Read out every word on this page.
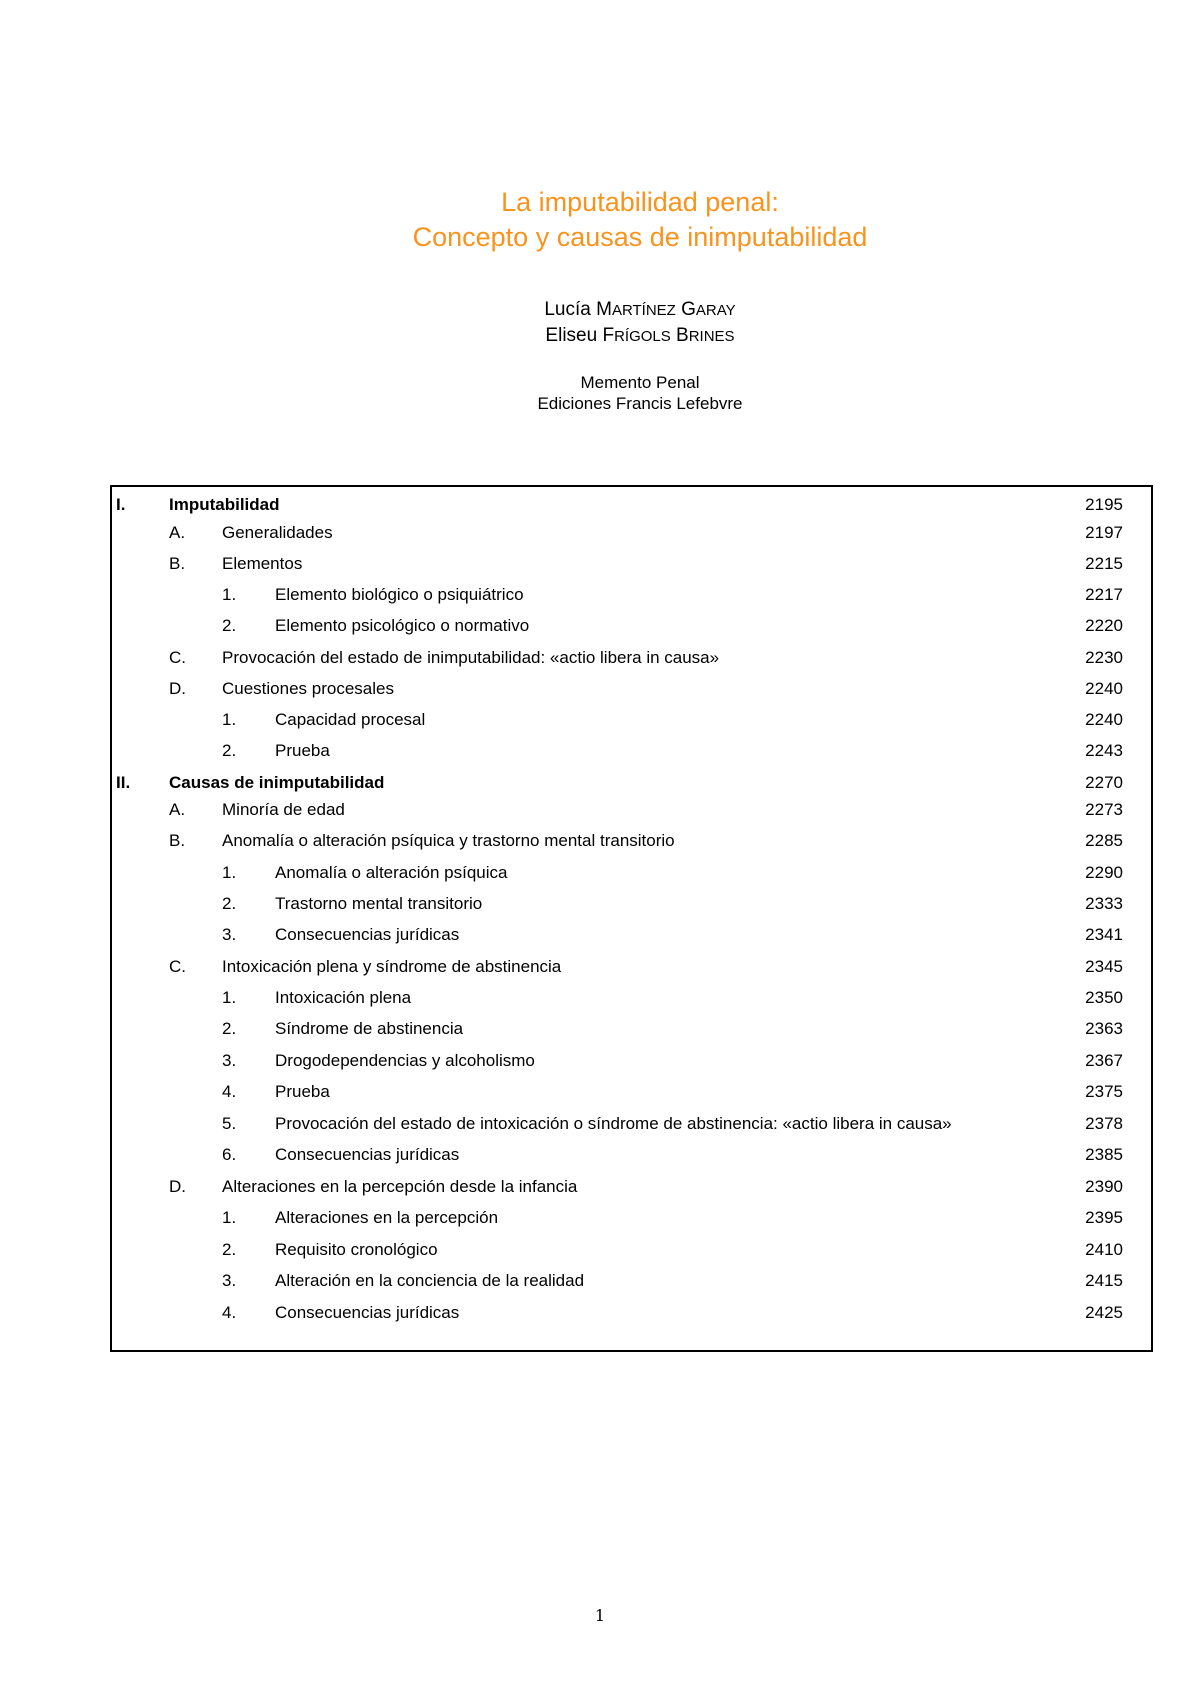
La imputabilidad penal:
Concepto y causas de inimputabilidad
Lucía MARTÍNEZ GARAY
Eliseu FRÍGOLS BRINES
Memento Penal
Ediciones Francis Lefebvre
I.	Imputabilidad	2195
A. Generalidades	2197
B. Elementos	2215
1. Elemento biológico o psiquiátrico	2217
2. Elemento psicológico o normativo	2220
C. Provocación del estado de inimputabilidad: «actio libera in causa»	2230
D. Cuestiones procesales	2240
1. Capacidad procesal	2240
2. Prueba	2243
II. Causas de inimputabilidad	2270
A. Minoría de edad	2273
B. Anomalía o alteración psíquica y trastorno mental transitorio	2285
1. Anomalía o alteración psíquica	2290
2. Trastorno mental transitorio	2333
3. Consecuencias jurídicas	2341
C. Intoxicación plena y síndrome de abstinencia	2345
1. Intoxicación plena	2350
2. Síndrome de abstinencia	2363
3. Drogodependencias y alcoholismo	2367
4. Prueba	2375
5. Provocación del estado de intoxicación o síndrome de abstinencia: «actio libera in causa»	2378
6. Consecuencias jurídicas	2385
D. Alteraciones en la percepción desde la infancia	2390
1. Alteraciones en la percepción	2395
2. Requisito cronológico	2410
3. Alteración en la conciencia de la realidad	2415
4. Consecuencias jurídicas	2425
1
